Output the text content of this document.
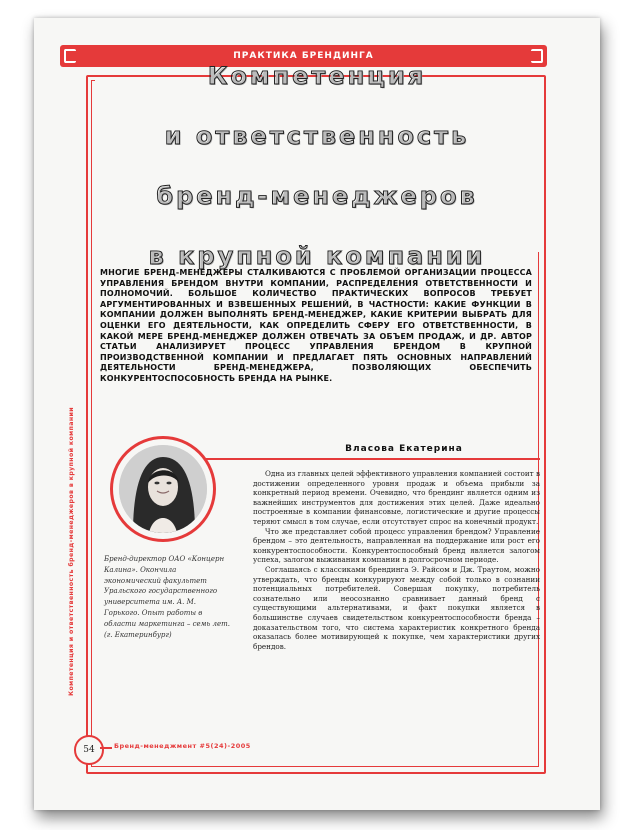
ПРАКТИКА БРЕНДИНГА

Компетенция

и ответственность

бренд-менеджеров

в крупной компании

МНОГИЕ БРЕНД-МЕНЕДЖЕРЫ СТАЛКИВАЮТСЯ С ПРОБЛЕМОЙ ОРГАНИЗАЦИИ ПРОЦЕССА УПРАВЛЕНИЯ БРЕНДОМ ВНУТРИ КОМПАНИИ, РАСПРЕДЕЛЕНИЯ ОТВЕТСТВЕННОСТИ И ПОЛНОМОЧИЙ. БОЛЬШОЕ КОЛИЧЕСТВО ПРАКТИЧЕСКИХ ВОПРОСОВ ТРЕБУЕТ АРГУМЕНТИРОВАННЫХ И ВЗВЕШЕННЫХ РЕШЕНИЙ, В ЧАСТНОСТИ: КАКИЕ ФУНКЦИИ В КОМПАНИИ ДОЛЖЕН ВЫПОЛНЯТЬ БРЕНД-МЕНЕДЖЕР, КАКИЕ КРИТЕРИИ ВЫБРАТЬ ДЛЯ ОЦЕНКИ ЕГО ДЕЯТЕЛЬНОСТИ, КАК ОПРЕДЕЛИТЬ СФЕРУ ЕГО ОТВЕТСТВЕННОСТИ, В КАКОЙ МЕРЕ БРЕНД-МЕНЕДЖЕР ДОЛЖЕН ОТВЕЧАТЬ ЗА ОБЪЕМ ПРОДАЖ, И ДР. АВТОР СТАТЬИ АНАЛИЗИРУЕТ ПРОЦЕСС УПРАВЛЕНИЯ БРЕНДОМ В КРУПНОЙ ПРОИЗВОДСТВЕННОЙ КОМПАНИИ И ПРЕДЛАГАЕТ ПЯТЬ ОСНОВНЫХ НАПРАВЛЕНИЙ ДЕЯТЕЛЬНОСТИ БРЕНД-МЕНЕДЖЕРА, ПОЗВОЛЯЮЩИХ ОБЕСПЕЧИТЬ КОНКУРЕНТОСПОСОБНОСТЬ БРЕНДА НА РЫНКЕ.
Компетенция и ответственность бренд-менеджеров в крупной компании	Власова Екатерина
Бренд-директор ОАО «Концерн Калина». Окончила экономический факультет Уральского государственного университета им. А. М. Горького. Опыт работы в области маркетинга – семь лет. (г. Екатеринбург)

Одна из главных целей эффективного управления компанией состоит в достижении определенного уровня продаж и объема прибыли за конкретный период времени. Очевидно, что брендинг является одним из важнейших инструментов для достижения этих целей. Даже идеально построенные в компании финансовые, логистические и другие процессы теряют смысл в том случае, если отсутствует спрос на конечный продукт.

Что же представляет собой процесс управления брендом? Управление брендом – это деятельность, направленная на поддержание или рост его конкурентоспособности. Конкурентоспособный бренд является залогом успеха, залогом выживания компании в долгосрочном периоде.

Соглашаясь с классиками брендинга Э. Райсом и Дж. Траутом, можно утверждать, что бренды конкурируют между собой только в сознании потенциальных потребителей. Совершая покупку, потребитель сознательно или неосознанно сравнивает данный бренд с существующими альтернативами, и факт покупки является в большинстве случаев свидетельством конкурентоспособности бренда – доказательством того, что система характеристик конкретного бренда оказалась более мотивирующей к покупке, чем характеристики других брендов.

54	Бренд-менеджмент #5(24)-2005
